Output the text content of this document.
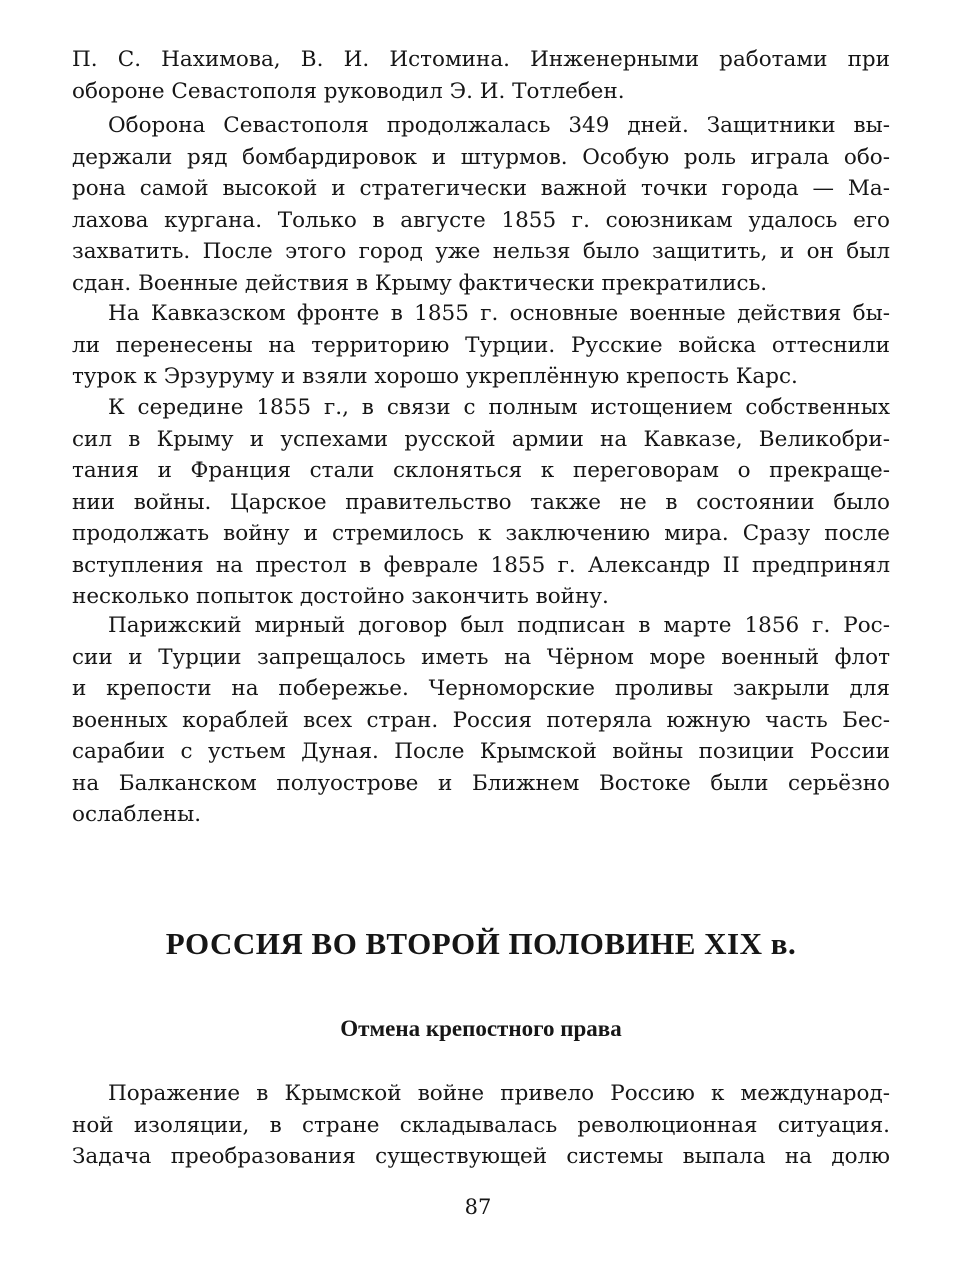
П. С. Нахимова, В. И. Истомина. Инженерными работами при
обороне Севастополя руководил Э. И. Тотлебен.
Оборона Севастополя продолжалась 349 дней. Защитники вы-
держали ряд бомбардировок и штурмов. Особую роль играла обо-
рона самой высокой и стратегически важной точки города — Ма-
лахова кургана. Только в августе 1855 г. союзникам удалось его
захватить. После этого город уже нельзя было защитить, и он был
сдан. Военные действия в Крыму фактически прекратились.
На Кавказском фронте в 1855 г. основные военные действия бы-
ли перенесены на территорию Турции. Русские войска оттеснили
турок к Эрзуруму и взяли хорошо укреплённую крепость Карс.
К середине 1855 г., в связи с полным истощением собственных
сил в Крыму и успехами русской армии на Кавказе, Великобри-
тания и Франция стали склоняться к переговорам о прекраще-
нии войны. Царское правительство также не в состоянии было
продолжать войну и стремилось к заключению мира. Сразу после
вступления на престол в феврале 1855 г. Александр II предпринял
несколько попыток достойно закончить войну.
Парижский мирный договор был подписан в марте 1856 г. Рос-
сии и Турции запрещалось иметь на Чёрном море военный флот
и крепости на побережье. Черноморские проливы закрыли для
военных кораблей всех стран. Россия потеряла южную часть Бес-
сарабии с устьем Дуная. После Крымской войны позиции России
на Балканском полуострове и Ближнем Востоке были серьёзно
ослаблены.
РОССИЯ ВО ВТОРОЙ ПОЛОВИНЕ XIX в.
Отмена крепостного права
Поражение в Крымской войне привело Россию к международ-
ной изоляции, в стране складывалась революционная ситуация.
Задача преобразования существующей системы выпала на долю
87
